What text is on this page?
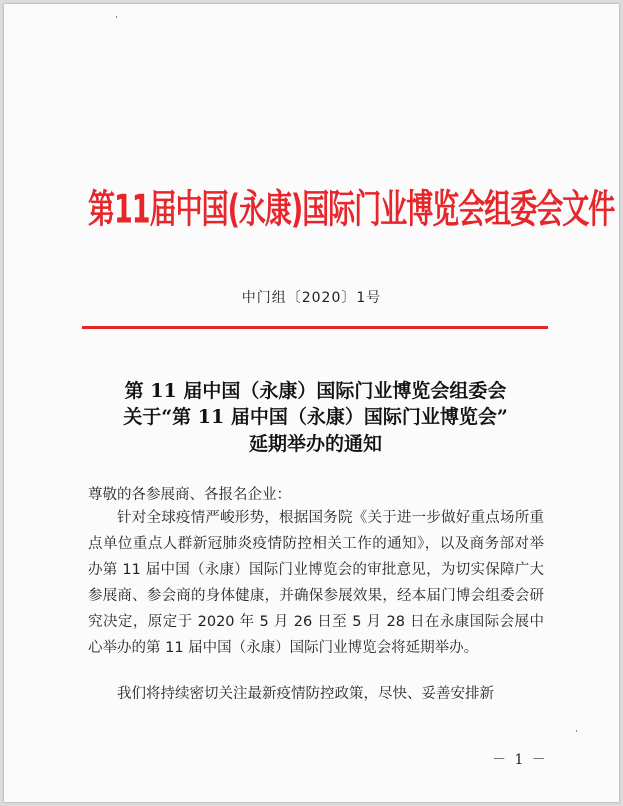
第11届中国(永康)国际门业博览会组委会文件
中门组〔2020〕1号
第 11 届中国（永康）国际门业博览会组委会
关于“第 11 届中国（永康）国际门业博览会”
延期举办的通知
尊敬的各参展商、各报名企业：

针对全球疫情严峻形势，根据国务院《关于进一步做好重点场所重点单位重点人群新冠肺炎疫情防控相关工作的通知》，以及商务部对举办第 11 届中国（永康）国际门业博览会的审批意见，为切实保障广大参展商、参会商的身体健康，并确保参展效果，经本届门博会组委会研究决定，原定于 2020 年 5 月 26 日至 5 月 28 日在永康国际会展中心举办的第 11 届中国（永康）国际门业博览会将延期举办。

我们将持续密切关注最新疫情防控政策，尽快、妥善安排新

－ 1 －
